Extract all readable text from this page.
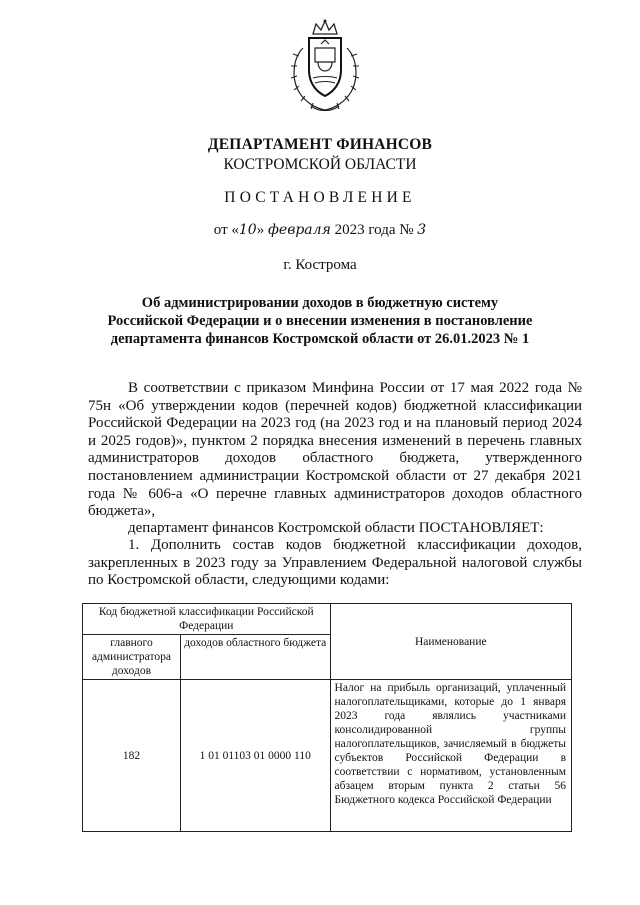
ДЕПАРТАМЕНТ ФИНАНСОВ
КОСТРОМСКОЙ ОБЛАСТИ
ПОСТАНОВЛЕНИЕ
от «10» февраля 2023 года № 3
г. Кострома
Об администрировании доходов в бюджетную систему
Российской Федерации и о внесении изменения в постановление
департамента финансов Костромской области от 26.01.2023 № 1
В соответствии с приказом Минфина России от 17 мая 2022 года № 75н «Об утверждении кодов (перечней кодов) бюджетной классификации Российской Федерации на 2023 год (на 2023 год и на плановый период 2024 и 2025 годов)», пунктом 2 порядка внесения изменений в перечень главных администраторов доходов областного бюджета, утвержденного постановлением администрации Костромской области от 27 декабря 2021 года № 606-а «О перечне главных администраторов доходов областного бюджета»,
департамент финансов Костромской области ПОСТАНОВЛЯЕТ:
1. Дополнить состав кодов бюджетной классификации доходов, закрепленных в 2023 году за Управлением Федеральной налоговой службы по Костромской области, следующими кодами:
Код бюджетной классификации Российской Федерации		Наименование
главного администратора доходов	доходов областного бюджета	
182	1 01 01103 01 0000 110	Налог на прибыль организаций, уплаченный налогоплательщиками, которые до 1 января 2023 года являлись участниками консолидированной группы налогоплательщиков, зачисляемый в бюджеты субъектов Российской Федерации в соответствии с нормативом, установленным абзацем вторым пункта 2 статьи 56 Бюджетного кодекса Российской Федерации
